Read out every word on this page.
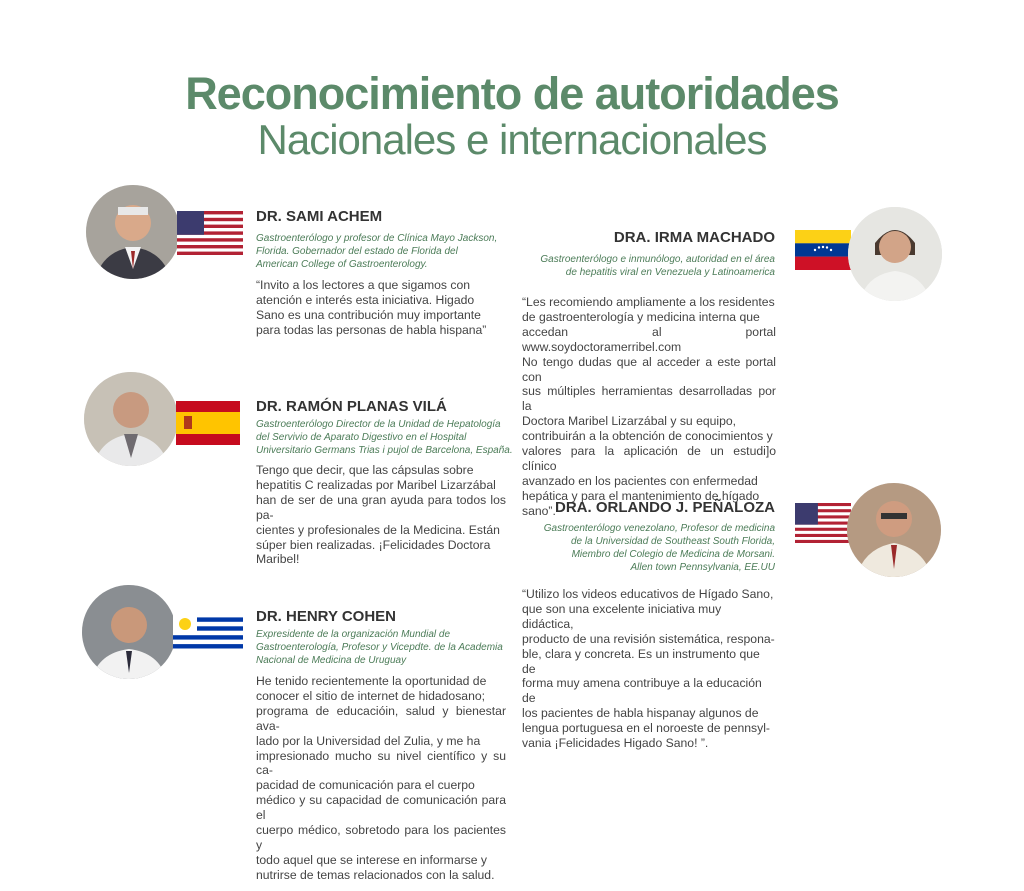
Reconocimiento de autoridades
Nacionales e internacionales
DR. SAMI ACHEM
Gastroenterólogo y profesor de Clínica Mayo Jackson,
Florida. Gobernador del estado de Florida del
American College of Gastroenterology.
“Invito a los lectores a que sigamos con
atención e interés esta iniciativa. Higado
Sano es una contribución muy importante
para todas las personas de habla hispana”
DR. RAMÓN PLANAS VILÁ
Gastroenterólogo Director de la Unidad de Hepatología
del Servivio de Aparato Digestivo en el Hospital
Universitario Germans Trias i pujol de Barcelona, España.
Tengo que decir, que las cápsulas sobre
hepatitis C realizadas por Maribel Lizarzábal
han de ser de una gran ayuda para todos los pa-
cientes y profesionales de la Medicina. Están
súper bien realizadas. ¡Felicidades Doctora
Maribel!
DR. HENRY COHEN
Expresidente de la organización Mundial de
Gastroenterología, Profesor y Vicepdte. de la Academia
Nacional de Medicina de Uruguay
He tenido recientemente la oportunidad de
conocer el sitio de internet de hidadosano;
programa de educacióin, salud y bienestar ava-
lado por la Universidad del Zulia, y me ha
impresionado mucho su nivel científico y su ca-
pacidad de comunicación para el cuerpo
médico y su capacidad de comunicación para el
cuerpo médico, sobretodo para los pacientes y
todo aquel que se interese en informarse y
nutrirse de temas relacionados con la salud.
DRA. IRMA MACHADO
Gastroenterólogo e inmunólogo, autoridad en el área
de hepatitis viral en Venezuela y Latinoamerica
“Les recomiendo ampliamente a los residentes
de gastroenterología y medicina interna que
accedan al portal www.soydoctoramerribel.com
No tengo dudas que al acceder a este portal con
sus múltiples herramientas desarrolladas por la
Doctora Maribel Lizarzábal y su equipo,
contribuirán a la obtención de conocimientos y
valores para la aplicación de un estudi]o clínico
avanzado en los pacientes con enfermedad
hepática y para el mantenimiento de hígado
sano”. DRA. ORLANDO J. PEÑALOZA
Gastroenterólogo venezolano, Profesor de medicina
de la Universidad de Southeast South Florida,
Miembro del Colegio de Medicina de Morsani.
Allen town Pennsylvania, EE.UU
“Utilizo los videos educativos de Hígado Sano,
que son una excelente iniciativa muy didáctica,
producto de una revisión sistemática, respona-
ble, clara y concreta. Es un instrumento que de
forma muy amena contribuye a la educación de
los pacientes de habla hispanay algunos de
lengua portuguesa en el noroeste de pennsyl-
vania ¡Felicidades Higado Sano! ”.
